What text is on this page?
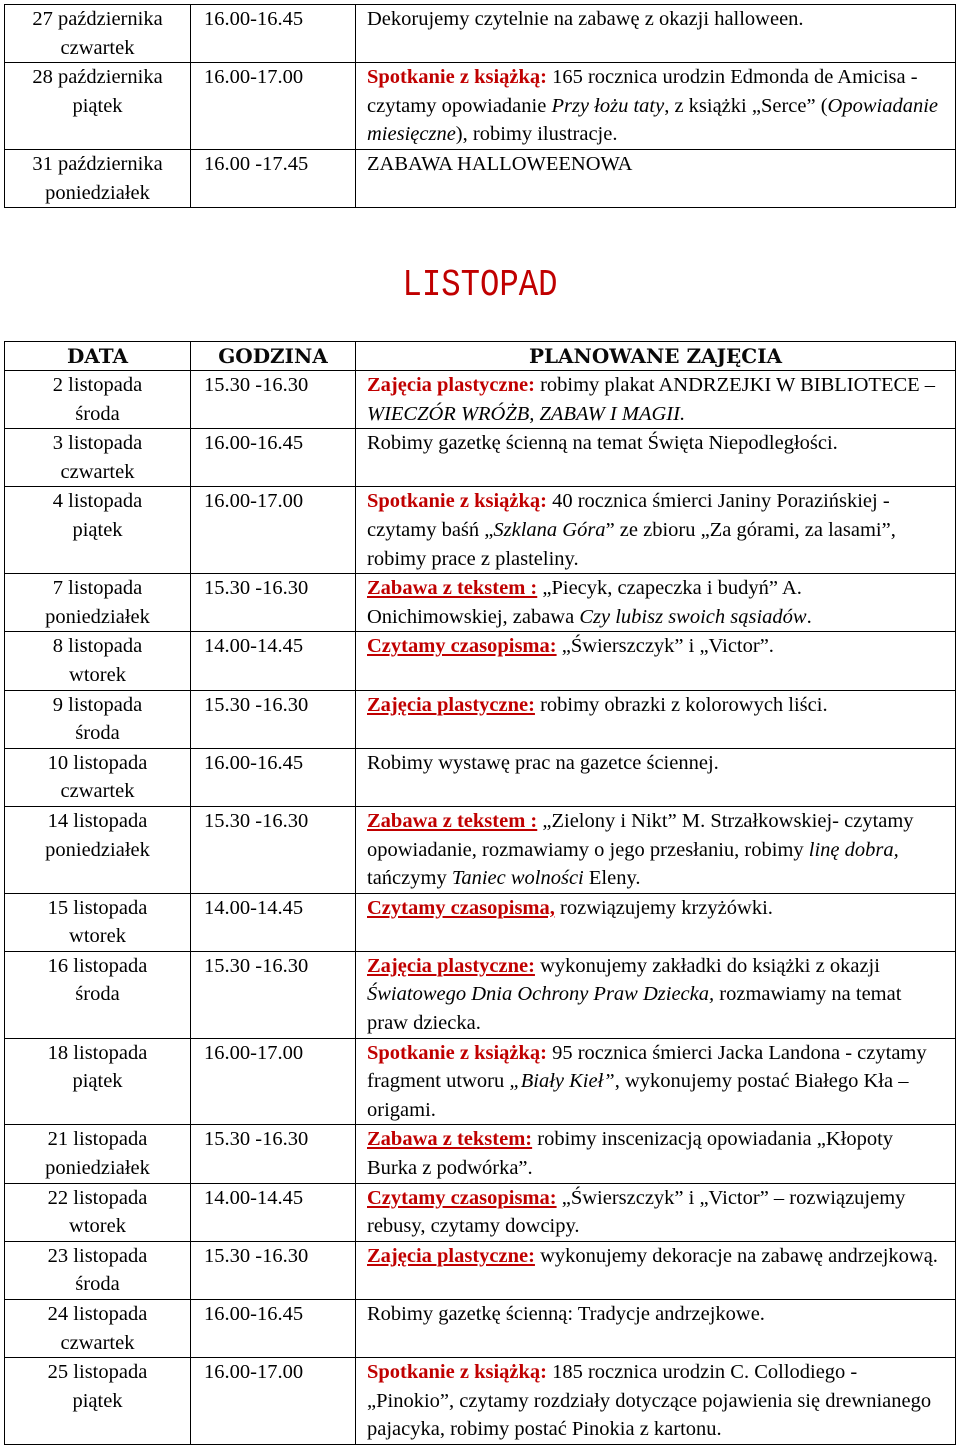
27 października
czwartek	16.00-16.45	Dekorujemy czytelnie na zabawę z okazji halloween.

28 października
piątek	16.00-17.00	Spotkanie z książką: 165 rocznica urodzin Edmonda de Amicisa - czytamy opowiadanie Przy łożu taty, z książki „Serce” (Opowiadanie miesięczne), robimy ilustracje.

31 października
poniedziałek	16.00 -17.45	ZABAWA HALLOWEENOWA
LISTOPAD
DATA	GODZINA	PLANOWANE ZAJĘCIA

2 listopada
środa	15.30 -16.30	Zajęcia plastyczne: robimy plakat ANDRZEJKI W BIBLIOTECE – WIECZÓR WRÓŻB, ZABAW I MAGII.

3 listopada
czwartek	16.00-16.45	Robimy gazetkę ścienną na temat Święta Niepodległości.

4 listopada
piątek	16.00-17.00	Spotkanie z książką: 40 rocznica śmierci Janiny Porazińskiej - czytamy baśń „Szklana Góra” ze zbioru „Za górami, za lasami”, robimy prace z plasteliny.

7 listopada
poniedziałek	15.30 -16.30	Zabawa z tekstem : „Piecyk, czapeczka i budyń” A. Onichimowskiej, zabawa Czy lubisz swoich sąsiadów.

8 listopada
wtorek	14.00-14.45	Czytamy czasopisma: „Świerszczyk” i „Victor”.

9 listopada
środa	15.30 -16.30	Zajęcia plastyczne: robimy obrazki z kolorowych liści.

10 listopada
czwartek	16.00-16.45	Robimy wystawę prac na gazetce ściennej.

14 listopada
poniedziałek	15.30 -16.30	Zabawa z tekstem : „Zielony i Nikt” M. Strzałkowskiej- czytamy opowiadanie, rozmawiamy o jego przesłaniu, robimy linę dobra, tańczymy Taniec wolności Eleny.

15 listopada
wtorek	14.00-14.45	Czytamy czasopisma, rozwiązujemy krzyżówki.

16 listopada
środa	15.30 -16.30	Zajęcia plastyczne: wykonujemy zakładki do książki z okazji Światowego Dnia Ochrony Praw Dziecka, rozmawiamy na temat praw dziecka.

18 listopada
piątek	16.00-17.00	Spotkanie z książką: 95 rocznica śmierci Jacka Landona - czytamy fragment utworu „Biały Kieł”, wykonujemy postać Białego Kła – origami.

21 listopada
poniedziałek	15.30 -16.30	Zabawa z tekstem: robimy inscenizacją opowiadania „Kłopoty Burka z podwórka”.

22 listopada
wtorek	14.00-14.45	Czytamy czasopisma: „Świerszczyk” i „Victor” – rozwiązujemy rebusy, czytamy dowcipy.

23 listopada
środa	15.30 -16.30	Zajęcia plastyczne: wykonujemy dekoracje na zabawę andrzejkową.

24 listopada
czwartek	16.00-16.45	Robimy gazetkę ścienną: Tradycje andrzejkowe.

25 listopada
piątek	16.00-17.00	Spotkanie z książką: 185 rocznica urodzin C. Collodiego - „Pinokio”, czytamy rozdziały dotyczące pojawienia się drewnianego pajacyka, robimy postać Pinokia z kartonu.
